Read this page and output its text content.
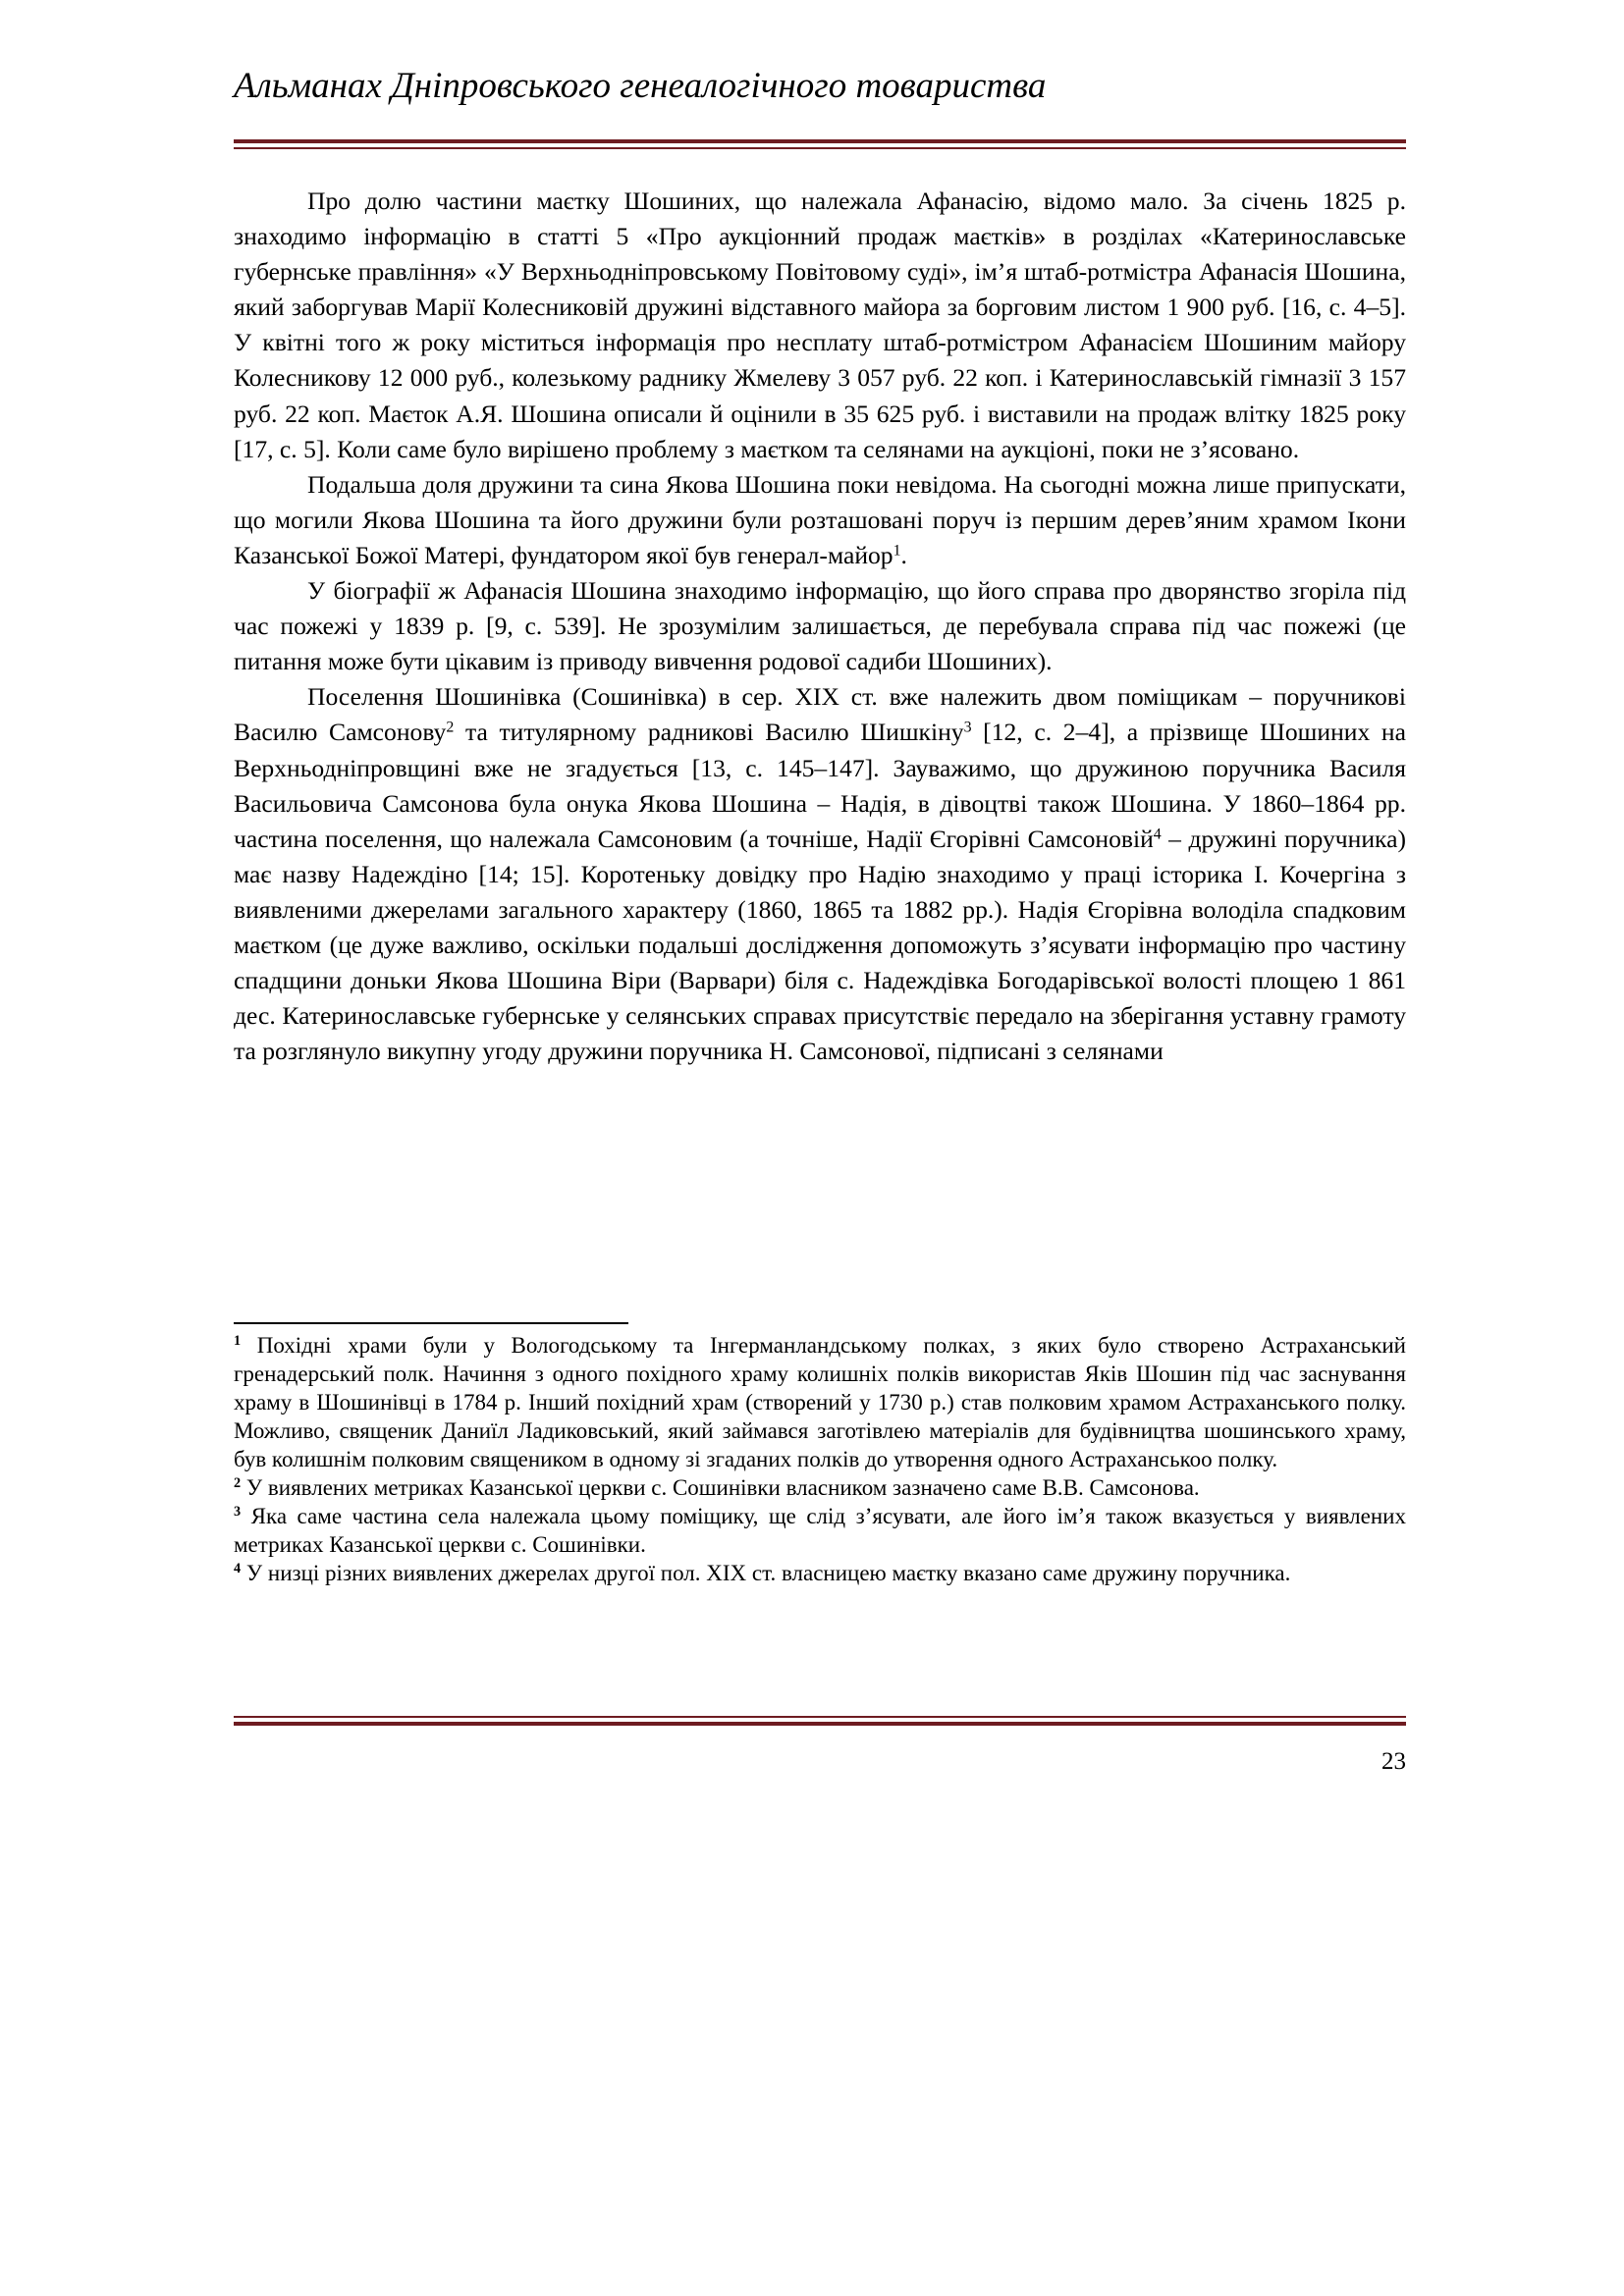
Альманах Дніпровського генеалогічного товариства

Про долю частини маєтку Шошиних, що належала Афанасію, відомо мало. За січень 1825 р. знаходимо інформацію в статті 5 «Про аукціонний продаж маєтків» в розділах «Катеринославське губернське правління» «У Верхньодніпровському Повітовому суді», ім’я штаб-ротмістра Афанасія Шошина, який заборгував Марії Колесниковій дружині відставного майора за борговим листом 1 900 руб. [16, с. 4–5]. У квітні того ж року міститься інформація про несплату штаб-ротмістром Афанасієм Шошиним майору Колесникову 12 000 руб., колезькому раднику Жмелеву 3 057 руб. 22 коп. і Катеринославській гімназії 3 157 руб. 22 коп. Маєток А.Я. Шошина описали й оцінили в 35 625 руб. і виставили на продаж влітку 1825 року [17, с. 5]. Коли саме було вирішено проблему з маєтком та селянами на аукціоні, поки не з’ясовано.

Подальша доля дружини та сина Якова Шошина поки невідома. На сьогодні можна лише припускати, що могили Якова Шошина та його дружини були розташовані поруч із першим дерев’яним храмом Ікони Казанської Божої Матері, фундатором якої був генерал-майор$^1$.

У біографії ж Афанасія Шошина знаходимо інформацію, що його справа про дворянство згоріла під час пожежі у 1839 р. [9, с. 539]. Не зрозумілим залишається, де перебувала справа під час пожежі (це питання може бути цікавим із приводу вивчення родової садиби Шошиних).

Поселення Шошинівка (Сошинівка) в сер. XIX ст. вже належить двом поміщикам – поручникові Василю Самсонову$^2$ та титулярному радникові Василю Шишкіну$^3$ [12, с. 2–4], а прізвище Шошиних на Верхньодніпровщині вже не згадується [13, с. 145–147]. Зауважимо, що дружиною поручника Василя Васильовича Самсонова була онука Якова Шошина – Надія, в дівоцтві також Шошина. У 1860–1864 рр. частина поселення, що належала Самсоновим (а точніше, Надії Єгорівні Самсоновій$^4$ – дружині поручника) має назву Надеждіно [14; 15]. Коротеньку довідку про Надію знаходимо у праці історика І. Кочергіна з виявленими джерелами загального характеру (1860, 1865 та 1882 рр.). Надія Єгорівна володіла спадковим маєтком (це дуже важливо, оскільки подальші дослідження допоможуть з’ясувати інформацію про частину спадщини доньки Якова Шошина Віри (Варвари) біля с. Надеждівка Богодарівської волості площею 1 861 дес. Катеринославське губернське у селянських справах присутствіє передало на зберігання уставну грамоту та розглянуло викупну угоду дружини поручника Н. Самсонової, підписані з селянами

$^1$ Похідні храми були у Вологодському та Інгерманландському полках, з яких було створено Астраханський гренадерський полк. Начиння з одного похідного храму колишніх полків використав Яків Шошин під час заснування храму в Шошинівці в 1784 р. Інший похідний храм (створений у 1730 р.) став полковим храмом Астраханського полку. Можливо, священик Даниїл Ладиковський, який займався заготівлею матеріалів для будівництва шошинського храму, був колишнім полковим священиком в одному зі згаданих полків до утворення одного Астраханськоо полку.

$^2$ У виявлених метриках Казанської церкви с. Сошинівки власником зазначено саме В.В. Самсонова.

$^3$ Яка саме частина села належала цьому поміщику, ще слід з’ясувати, але його ім’я також вказується у виявлених метриках Казанської церкви с. Сошинівки.

$^4$ У низці різних виявлених джерелах другої пол. XIX ст. власницею маєтку вказано саме дружину поручника.

23
